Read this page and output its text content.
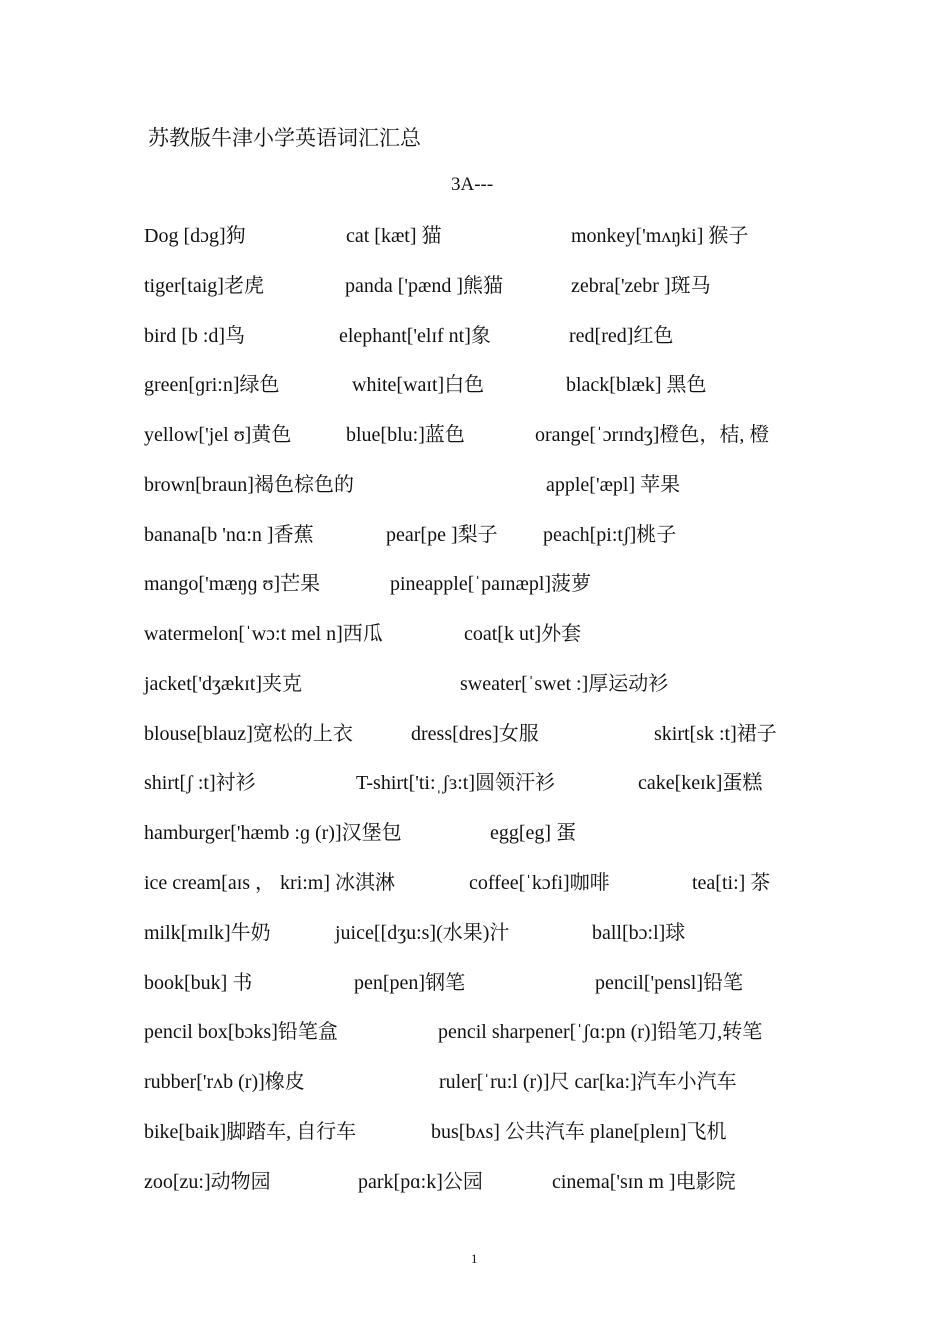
苏教版牛津小学英语词汇汇总
3A---
Dog [dɔg]狗	cat [kæt] 猫	monkey['mʌŋki] 猴子
tiger[taig]老虎	panda ['pænd ]熊猫	zebra['zebr ]斑马
bird [b :d]鸟	elephant['elɪf nt]象	red[red]红色
green[ɡri:n]绿色	white[waɪt]白色	black[blæk] 黑色
yellow['jel ʊ]黄色	blue[blu:]蓝色	orange[ˈɔrɪndʒ]橙色，桔, 橙
brown[braun]褐色棕色的	apple['æpl] 苹果
banana[b 'nɑ:n ]香蕉	pear[pe ]梨子 peach[pi:tʃ]桃子
mango['mæŋɡ ʊ]芒果	pineapple[ˈpaɪnæpl]菠萝
watermelon[ˈwɔ:t mel n]西瓜	coat[k ut]外套
jacket['dʒækɪt]夹克	sweater[ˈswet :]厚运动衫
blouse[blauz]宽松的上衣	dress[dres]女服	skirt[sk :t]裙子
shirt[ʃ :t]衬衫	T-shirt['ti:ˌʃɜ:t]圆领汗衫	cake[keɪk]蛋糕
hamburger['hæmb :ɡ (r)]汉堡包	egg[eg] 蛋
ice cream[aɪs ， kri:m] 冰淇淋	coffee[ˈkɔfi]咖啡	tea[ti:] 茶
milk[mɪlk]牛奶	juice[[dʒu:s](水果)汁	ball[bɔ:l]球
book[buk] 书	pen[pen]钢笔	pencil['pensl]铅笔
pencil box[bɔks]铅笔盒	pencil sharpener[ˈʃɑ:pn (r)]铅笔刀,转笔
rubber['rʌb (r)]橡皮	ruler[ˈru:l (r)]尺 car[ka:]汽车小汽车
bike[baik]脚踏车, 自行车	bus[bʌs] 公共汽车 plane[pleɪn]飞机
zoo[zu:]动物园	park[pɑ:k]公园	cinema['sɪn m ]电影院
1
